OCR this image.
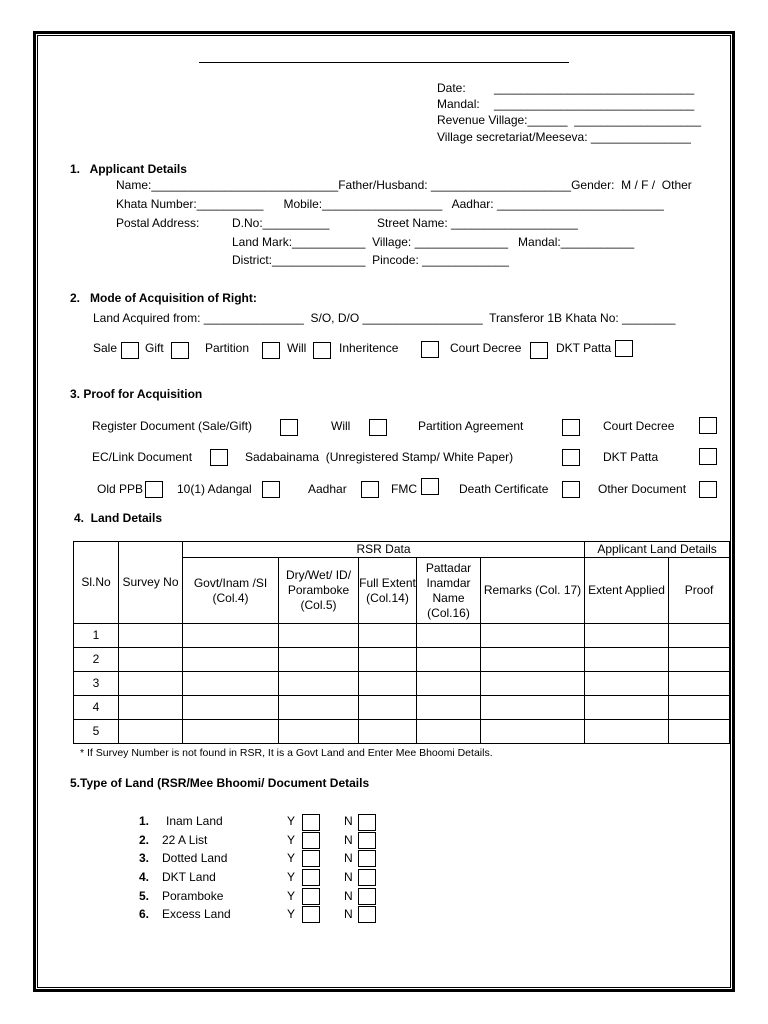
Date: ______________________________
Mandal: ______________________________
Revenue Village:______  ___________________
Village secretariat/Meeseva: _______________
1.   Applicant Details
Name:____________________________Father/Husband: _____________________Gender:  M / F /  Other
Khata Number:__________      Mobile:__________________   Aadhar: _________________________
Postal Address:	D.No:__________	Street Name: ___________________
Land Mark:___________  Village: ______________   Mandal:___________
District:______________  Pincode: _____________
2.   Mode of Acquisition of Right:
Land Acquired from: _______________  S/O, D/O __________________  Transferor 1B Khata No: ________
Sale Gift	Partition	Will	Inheritence	Court Decree	DKT Patta
3. Proof for Acquisition
Register Document (Sale/Gift)	Will	Partition Agreement	Court Decree
EC/Link Document	Sadabainama  (Unregistered Stamp/ White Paper)	DKT Patta
Old PPB	10(1) Adangal	Aadhar	FMC	Death Certificate	Other Document
4.  Land Details
Sl.No	Survey No	RSR Data					Applicant Land Details	
		Govt/Inam /SI (Col.4)	Dry/Wet/ ID/ Poramboke (Col.5)	Full Extent (Col.14)	Pattadar Inamdar Name (Col.16)	Remarks (Col. 17)	Extent Applied	Proof
1								
2								
3								
4								
5								
* If Survey Number is not found in RSR, It is a Govt Land and Enter Mee Bhoomi Details.
5.Type of Land (RSR/Mee Bhoomi/ Document Details
1. Inam Land	Y	N
2. 22 A List	Y	N
3. Dotted Land	Y	N
4. DKT Land	Y	N
5. Poramboke	Y	N
6. Excess Land	Y	N
